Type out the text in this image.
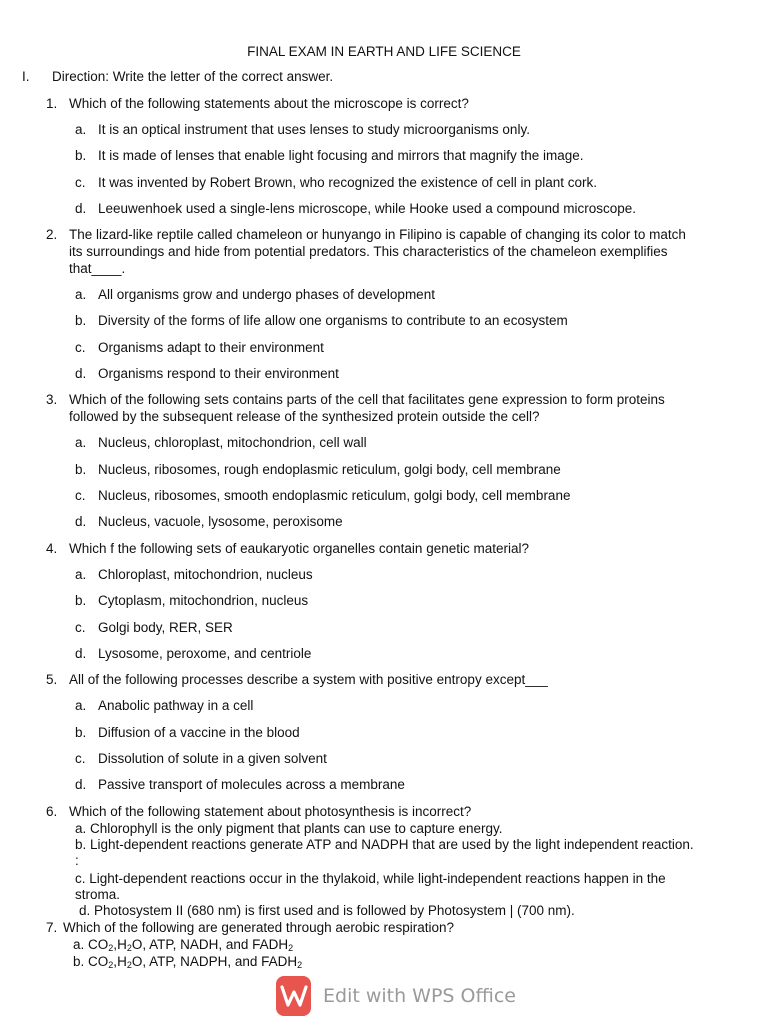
FINAL EXAM IN EARTH AND LIFE SCIENCE
I. Direction: Write the letter of the correct answer.
1. Which of the following statements about the microscope is correct?
a. It is an optical instrument that uses lenses to study microorganisms only.
b. It is made of lenses that enable light focusing and mirrors that magnify the image.
c. It was invented by Robert Brown, who recognized the existence of cell in plant cork.
d. Leeuwenhoek used a single-lens microscope, while Hooke used a compound microscope.
2. The lizard-like reptile called chameleon or hunyango in Filipino is capable of changing its color to match
its surroundings and hide from potential predators. This characteristics of the chameleon exemplifies
that____.
a. All organisms grow and undergo phases of development
b. Diversity of the forms of life allow one organisms to contribute to an ecosystem
c. Organisms adapt to their environment
d. Organisms respond to their environment
3. Which of the following sets contains parts of the cell that facilitates gene expression to form proteins
followed by the subsequent release of the synthesized protein outside the cell?
a. Nucleus, chloroplast, mitochondrion, cell wall
b. Nucleus, ribosomes, rough endoplasmic reticulum, golgi body, cell membrane
c. Nucleus, ribosomes, smooth endoplasmic reticulum, golgi body, cell membrane
d. Nucleus, vacuole, lysosome, peroxisome
4. Which f the following sets of eaukaryotic organelles contain genetic material?
a. Chloroplast, mitochondrion, nucleus
b. Cytoplasm, mitochondrion, nucleus
c. Golgi body, RER, SER
d. Lysosome, peroxome, and centriole
5. All of the following processes describe a system with positive entropy except___
a. Anabolic pathway in a cell
b. Diffusion of a vaccine in the blood
c. Dissolution of solute in a given solvent
d. Passive transport of molecules across a membrane
6. Which of the following statement about photosynthesis is incorrect?
a. Chlorophyll is the only pigment that plants can use to capture energy.
b. Light-dependent reactions generate ATP and NADPH that are used by the light independent reaction.
:
c. Light-dependent reactions occur in the thylakoid, while light-independent reactions happen in the
stroma.
d. Photosystem II (680 nm) is first used and is followed by Photosystem | (700 nm).
7. Which of the following are generated through aerobic respiration?
a. $CO_2,H_2O$, ATP, NADH, and $FADH_2$
b. $CO_2,H_2O$, ATP, NADPH, and $FADH_2$
Edit with WPS Office
